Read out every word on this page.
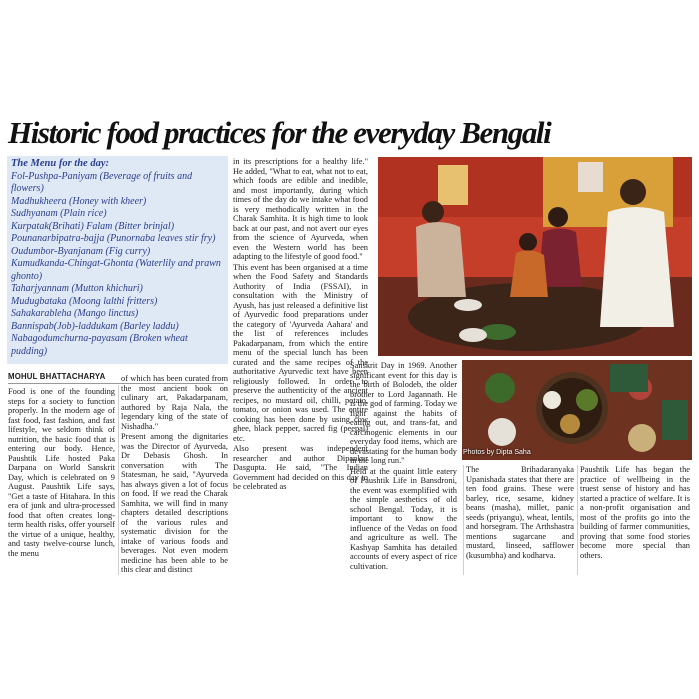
Historic food practices for the everyday Bengali
The Menu for the day:
Fol-Pushpa-Paniyam (Beverage of fruits and flowers)
Madhukheera (Honey with kheer)
Sudhyanam (Plain rice)
Kurpatak(Brihati) Falam (Bitter brinjal)
Pounanarbipatra-bajja (Punornaba leaves stir fry)
Oudumbor-Byanjanam (Fig curry)
Kumudkanda-Chingat-Ghonta (Waterlily and prawn ghonto)
Taharjyannam (Mutton khichuri)
Mudugbataka (Moong lalthi fritters)
Sahakarableha (Mango linctus)
Bannispab(Job)-laddukam (Barley laddu)
Nabagodumchurna-payasam (Broken wheat pudding)

in its prescriptions for a healthy life." He added, "What to eat, what not to eat, which foods are edible and inedible, and most importantly, during which times of the day do we intake what food is very methodically written in the Charak Samhita. It is high time to look back at our past, and not avert our eyes from the science of Ayurveda, when even the Western world has been adapting to the lifestyle of good food."

This event has been organised at a time when the Food Safety and Standards Authority of India (FSSAI), in consultation with the Ministry of Ayush, has just released a definitive list of Ayurvedic food preparations under the category of 'Ayurveda Aahara' and the list of references includes Pakadarpanam, from which the entire menu of the special lunch has been curated and the same recipes of the authoritative Ayurvedic text have been religiously followed. In order to preserve the authenticity of the ancient recipes, no mustard oil, chilli, potato, tomato, or onion was used. The entire cooking has been done by using cow ghee, black pepper, sacred fig (peepal) etc.

Also present was independent researcher and author Dipankar Dasgupta. He said, "The Indian Government had decided on this day to be celebrated as

MOHUL BHATTACHARYA

Food is one of the founding steps for a society to function properly. In the modern age of fast food, fast fashion, and fast lifestyle, we seldom think of nutrition, the basic food that is entering our body. Hence, Paushtik Life hosted Paka Darpana on World Sanskrit Day, which is celebrated on 9 August. Paushtik Life says, "Get a taste of Hitahara. In this era of junk and ultra-processed food that often creates long-term health risks, offer yourself the virtue of a unique, healthy, and tasty twelve-course lunch, the menu

of which has been curated from the most ancient book on culinary art, Pakadarpanam, authored by Raja Nala, the legendary king of the state of Nishadha."

Present among the dignitaries was the Director of Ayurveda, Dr Debasis Ghosh. In conversation with The Statesman, he said, "Ayurveda has always given a lot of focus on food. If we read the Charak Samhita, we will find in many chapters detailed descriptions of the various rules and systematic division for the intake of various foods and beverages. Not even modern medicine has been able to be this clear and distinct

Sanskrit Day in 1969. Another significant event for this day is the birth of Bolodeb, the older brother to Lord Jagannath. He is the god of farming. Today we fight against the habits of eating out, and trans-fat, and carcinogenic elements in our everyday food items, which are devastating for the human body in the long run."

Held at the quaint little eatery of Paushtik Life in Bansdroni, the event was exemplified with the simple aesthetics of old school Bengal. Today, it is important to know the influence of the Vedas on food and agriculture as well. The Kashyap Samhita has detailed accounts of every aspect of rice cultivation.

The Brihadaranyaka Upanishada states that there are ten food grains. These were barley, rice, sesame, kidney beans (masha), millet, panic seeds (priyangu), wheat, lentils, and horsegram. The Arthshastra mentions sugarcane and mustard, linseed, safflower (kusumbha) and kodharva.

Paushtik Life has began the practice of wellbeing in the truest sense of history and has started a practice of welfare. It is a non-profit organisation and most of the profits go into the building of farmer communities, proving that some food stories become more special than others.

Photos by Dipta Saha
